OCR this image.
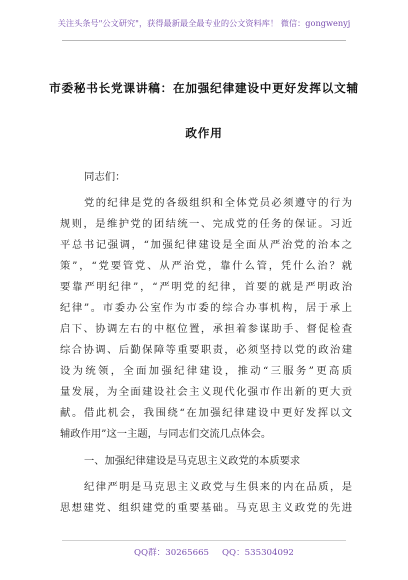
关注头条号"公文研究"，获得最新最全最专业的公文资料库！ 微信：gongwenyj
市委秘书长党课讲稿：在加强纪律建设中更好发挥以文辅
政作用
同志们：
党的纪律是党的各级组织和全体党员必须遵守的行为
规则，是维护党的团结统一、完成党的任务的保证。习近
平总书记强调，“加强纪律建设是全面从严治党的治本之
策”，“党要管党、从严治党，靠什么管，凭什么治？就
要靠严明纪律”，“严明党的纪律，首要的就是严明政治
纪律”。市委办公室作为市委的综合办事机构，居于承上
启下、协调左右的中枢位置，承担着参谋助手、督促检查
综合协调、后勤保障等重要职责，必须坚持以党的政治建
设为统领，全面加强纪律建设，推动“三服务”更高质
量发展，为全面建设社会主义现代化强市作出新的更大贡
献。借此机会，我围绕“在加强纪律建设中更好发挥以文
辅政作用”这一主题，与同志们交流几点体会。
一、加强纪律建设是马克思主义政党的本质要求
纪律严明是马克思主义政党与生俱来的内在品质，是
思想建党、组织建党的重要基础。马克思主义政党的先进
QQ群：30265665 QQ：535304092
